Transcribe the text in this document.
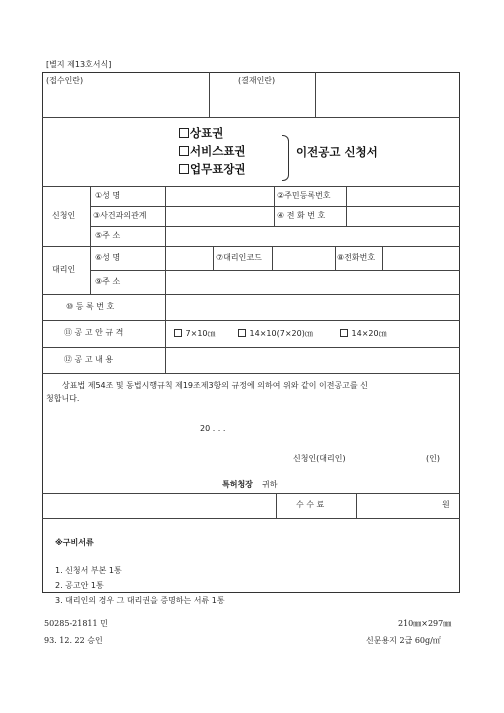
[별지 제13호서식]
(접수인란)	(결재인란)
상표권
서비스표권
업무표장권
이전공고 신청서
신청인
①성 명	②주민등록번호
③사건과의관계	④ 전 화 번 호
⑤주 소
대리인
⑥성 명	⑦대리인코드	⑧전화번호
⑨주 소
⑩ 등 록 번 호
⑪ 공 고 안 규 격	7×10㎝	14×10(7×20)㎝	14×20㎝
⑫ 공 고 내 용
상표법 제54조 및 동법시행규칙 제19조제3항의 규정에 의하여 위와 같이 이전공고를 신
청합니다.
20 . . .
신청인(대리인)	(인)
특허청장 귀하
수 수 료	원
※구비서류
1. 신청서 부본 1통
2. 공고안 1통
3. 대리인의 경우 그 대리권을 증명하는 서류 1통
50285-21811 민
93. 12. 22 승인
210㎜×297㎜
신문용지 2급 60g/㎡
